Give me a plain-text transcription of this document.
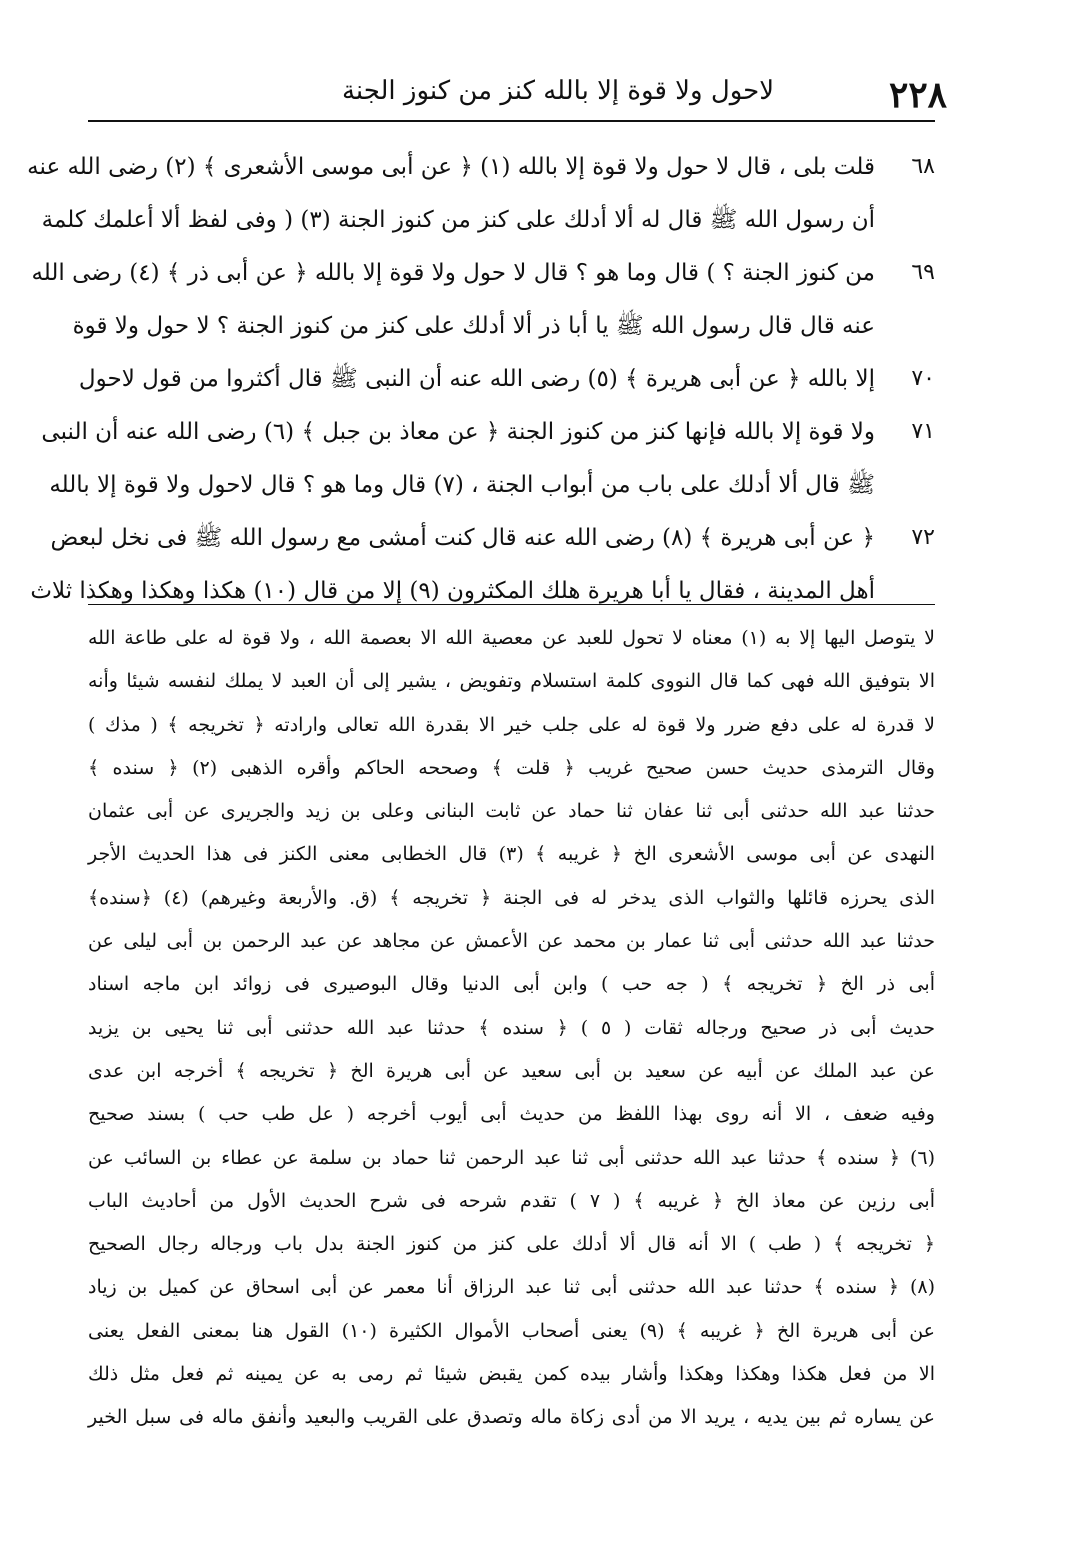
لاحول ولا قوة إلا بالله كنز من كنوز الجنة	٢٢٨
٦٨
قلت بلى ، قال لا حول ولا قوة إلا بالله (١) ﴿ عن أبى موسى الأشعرى ﴾ (٢) رضى الله عنه
أن رسول الله ﷺ قال له ألا أدلك على كنز من كنوز الجنة (٣) ( وفى لفظ ألا أعلمك كلمة
٦٩
من كنوز الجنة ؟ ) قال وما هو ؟ قال لا حول ولا قوة إلا بالله ﴿ عن أبى ذر ﴾ (٤) رضى الله
عنه قال قال رسول الله ﷺ يا أبا ذر ألا أدلك على كنز من كنوز الجنة ؟ لا حول ولا قوة
٧٠
إلا بالله ﴿ عن أبى هريرة ﴾ (٥) رضى الله عنه أن النبى ﷺ قال أكثروا من قول لاحول
٧١
ولا قوة إلا بالله فإنها كنز من كنوز الجنة ﴿ عن معاذ بن جبل ﴾ (٦) رضى الله عنه أن النبى
ﷺ قال ألا أدلك على باب من أبواب الجنة ، (٧) قال وما هو ؟ قال لاحول ولا قوة إلا بالله
٧٢
﴿ عن أبى هريرة ﴾ (٨) رضى الله عنه قال كنت أمشى مع رسول الله ﷺ فى نخل لبعض
أهل المدينة ، فقال يا أبا هريرة هلك المكثرون (٩) إلا من قال (١٠) هكذا وهكذا وهكذا ثلاث
لا يتوصل اليها إلا به (١) معناه لا تحول للعبد عن معصية الله الا بعصمة الله ، ولا قوة له على طاعة الله
الا بتوفيق الله فهى كما قال النووى كلمة استسلام وتفويض ، يشير إلى أن العبد لا يملك لنفسه شيئا وأنه
لا قدرة له على دفع ضرر ولا قوة له على جلب خير الا بقدرة الله تعالى وارادته ﴿ تخريجه ﴾ ( مذك )
وقال الترمذى حديث حسن صحيح غريب ﴿ قلت ﴾ وصححه الحاكم وأقره الذهبى (٢) ﴿ سنده ﴾
حدثنا عبد الله حدثنى أبى ثنا عفان ثنا حماد عن ثابت البنانى وعلى بن زيد والجريرى عن أبى عثمان
النهدى عن أبى موسى الأشعرى الخ ﴿ غريبه ﴾ (٣) قال الخطابى معنى الكنز فى هذا الحديث الأجر
الذى يحرزه قائلها والثواب الذى يدخر له فى الجنة ﴿ تخريجه ﴾ (ق. والأربعة وغيرهم) (٤) ﴿سنده﴾
حدثنا عبد الله حدثنى أبى ثنا عمار بن محمد عن الأعمش عن مجاهد عن عبد الرحمن بن أبى ليلى عن
أبى ذر الخ ﴿ تخريجه ﴾ ( جه حب ) وابن أبى الدنيا وقال البوصيرى فى زوائد ابن ماجه اسناد
حديث أبى ذر صحيح ورجاله ثقات ( ٥ ) ﴿ سنده ﴾ حدثنا عبد الله حدثنى أبى ثنا يحيى بن يزيد
عن عبد الملك عن أبيه عن سعيد بن أبى سعيد عن أبى هريرة الخ ﴿ تخريجه ﴾ أخرجه ابن عدى
وفيه ضعف ، الا أنه روى بهذا اللفظ من حديث أبى أيوب أخرجه ( عل طب حب ) بسند صحيح
(٦) ﴿ سنده ﴾ حدثنا عبد الله حدثنى أبى ثنا عبد الرحمن ثنا حماد بن سلمة عن عطاء بن السائب عن
أبى رزين عن معاذ الخ ﴿ غريبه ﴾ ( ٧ ) تقدم شرحه فى شرح الحديث الأول من أحاديث الباب
﴿ تخريجه ﴾ ( طب ) الا أنه قال ألا أدلك على كنز من كنوز الجنة بدل باب ورجاله رجال الصحيح
(٨) ﴿ سنده ﴾ حدثنا عبد الله حدثنى أبى ثنا عبد الرزاق أنا معمر عن أبى اسحاق عن كميل بن زياد
عن أبى هريرة الخ ﴿ غريبه ﴾ (٩) يعنى أصحاب الأموال الكثيرة (١٠) القول هنا بمعنى الفعل يعنى
الا من فعل هكذا وهكذا وهكذا وأشار بيده كمن يقبض شيئا ثم رمى به عن يمينه ثم فعل مثل ذلك
عن يساره ثم بين يديه ، يريد الا من أدى زكاة ماله وتصدق على القريب والبعيد وأنفق ماله فى سبل الخير
